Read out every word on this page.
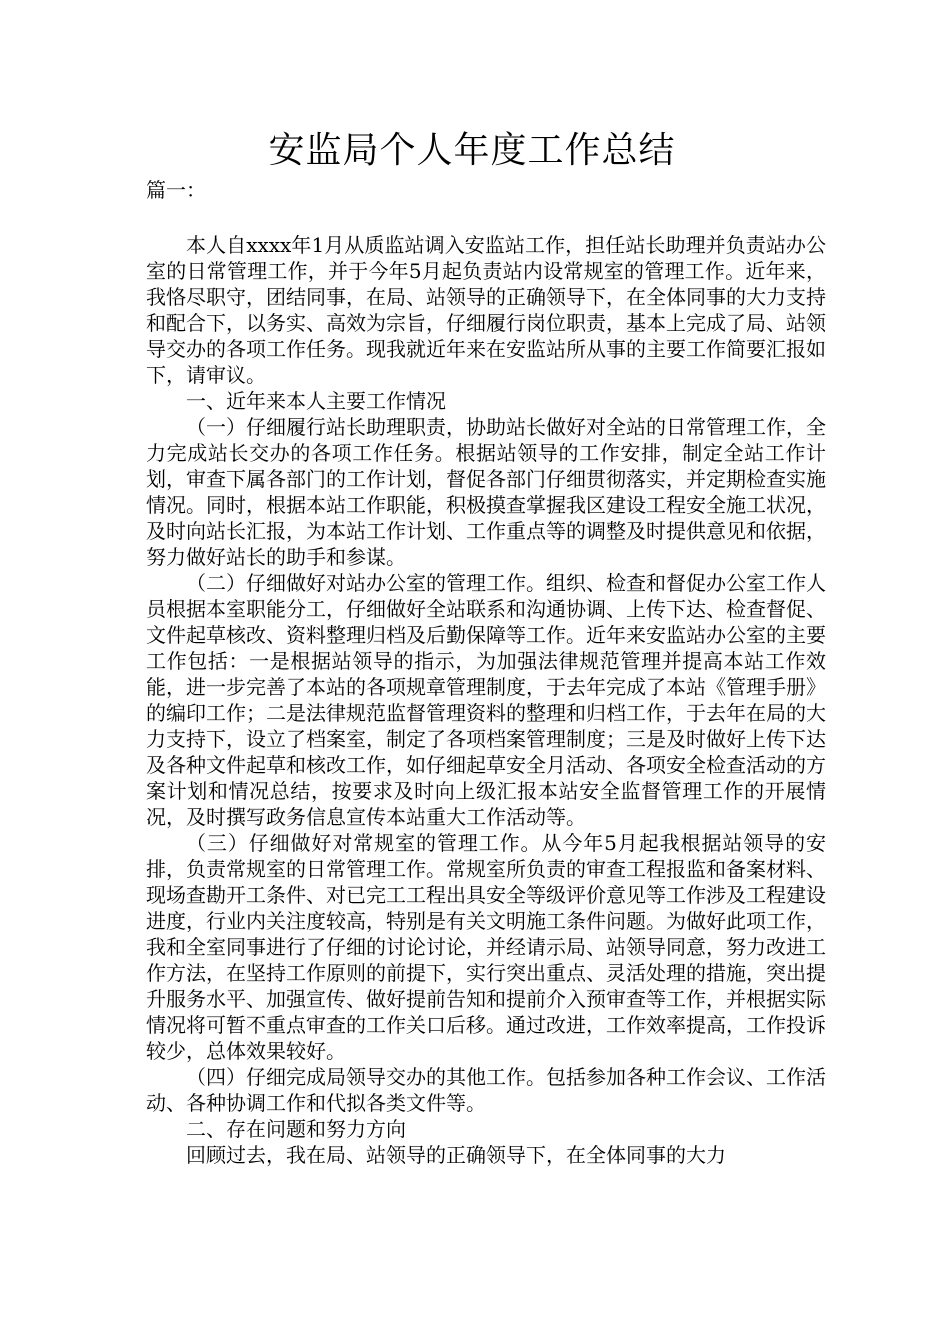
安监局个人年度工作总结

篇一：

本人自xxxx年1月从质监站调入安监站工作，担任站长助理并负责站办公室的日常管理工作，并于今年5月起负责站内设常规室的管理工作。近年来，我恪尽职守，团结同事，在局、站领导的正确领导下，在全体同事的大力支持和配合下，以务实、高效为宗旨，仔细履行岗位职责，基本上完成了局、站领导交办的各项工作任务。现我就近年来在安监站所从事的主要工作简要汇报如下，请审议。

一、近年来本人主要工作情况

（一）仔细履行站长助理职责，协助站长做好对全站的日常管理工作，全力完成站长交办的各项工作任务。根据站领导的工作安排，制定全站工作计划，审查下属各部门的工作计划，督促各部门仔细贯彻落实，并定期检查实施情况。同时，根据本站工作职能，积极摸查掌握我区建设工程安全施工状况，及时向站长汇报，为本站工作计划、工作重点等的调整及时提供意见和依据，努力做好站长的助手和参谋。

（二）仔细做好对站办公室的管理工作。组织、检查和督促办公室工作人员根据本室职能分工，仔细做好全站联系和沟通协调、上传下达、检查督促、文件起草核改、资料整理归档及后勤保障等工作。近年来安监站办公室的主要工作包括：一是根据站领导的指示，为加强法律规范管理并提高本站工作效能，进一步完善了本站的各项规章管理制度，于去年完成了本站《管理手册》的编印工作；二是法律规范监督管理资料的整理和归档工作，于去年在局的大力支持下，设立了档案室，制定了各项档案管理制度；三是及时做好上传下达及各种文件起草和核改工作，如仔细起草安全月活动、各项安全检查活动的方案计划和情况总结，按要求及时向上级汇报本站安全监督管理工作的开展情况，及时撰写政务信息宣传本站重大工作活动等。

（三）仔细做好对常规室的管理工作。从今年5月起我根据站领导的安排，负责常规室的日常管理工作。常规室所负责的审查工程报监和备案材料、现场查勘开工条件、对已完工工程出具安全等级评价意见等工作涉及工程建设进度，行业内关注度较高，特别是有关文明施工条件问题。为做好此项工作，我和全室同事进行了仔细的讨论讨论，并经请示局、站领导同意，努力改进工作方法，在坚持工作原则的前提下，实行突出重点、灵活处理的措施，突出提升服务水平、加强宣传、做好提前告知和提前介入预审查等工作，并根据实际情况将可暂不重点审查的工作关口后移。通过改进，工作效率提高，工作投诉较少，总体效果较好。

（四）仔细完成局领导交办的其他工作。包括参加各种工作会议、工作活动、各种协调工作和代拟各类文件等。

二、存在问题和努力方向

回顾过去，我在局、站领导的正确领导下，在全体同事的大力
